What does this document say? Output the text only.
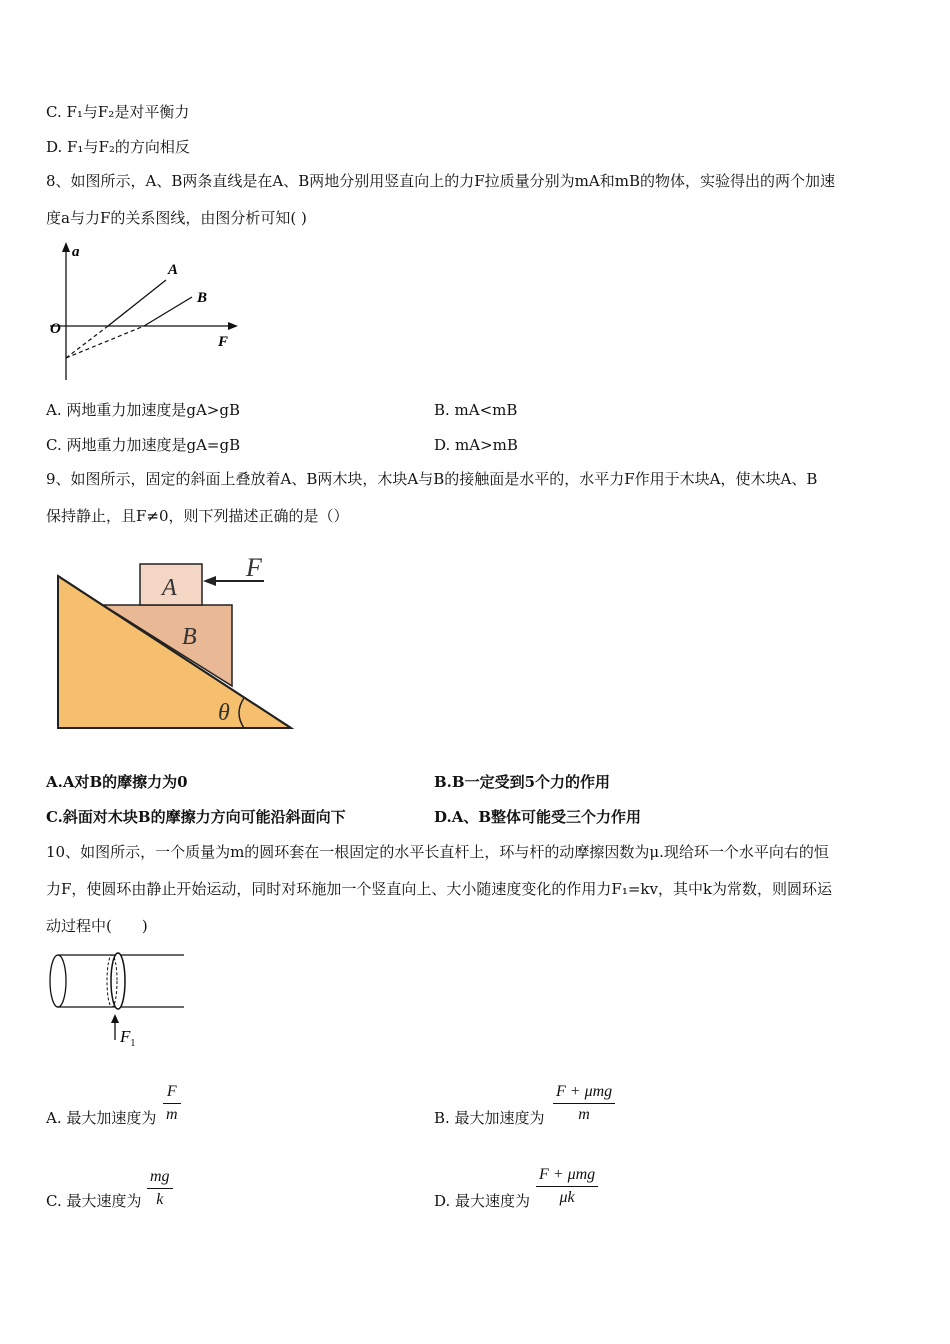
C. F₁与F₂是对平衡力
D. F₁与F₂的方向相反
8、如图所示，A、B两条直线是在A、B两地分别用竖直向上的力F拉质量分别为mA和mB的物体，实验得出的两个加速
度a与力F的关系图线，由图分析可知( )
a
F
O
A
B
A. 两地重力加速度是gA>gB	B. mA<mB
C. 两地重力加速度是gA=gB	D. mA>mB
9、如图所示，固定的斜面上叠放着A、B两木块，木块A与B的接触面是水平的，水平力F作用于木块A，使木块A、B
保持静止，且F≠0，则下列描述正确的是（）
A
B
F
θ
A.A对B的摩擦力为0	B.B一定受到5个力的作用
C.斜面对木块B的摩擦力方向可能沿斜面向下	D.A、B整体可能受三个力作用
10、如图所示，一个质量为m的圆环套在一根固定的水平长直杆上，环与杆的动摩擦因数为μ.现给环一个水平向右的恒
力F，使圆环由静止开始运动，同时对环施加一个竖直向上、大小随速度变化的作用力F₁=kv，其中k为常数，则圆环运
动过程中(　　)
$F_1$
A. 最大加速度为
F
m	B. 最大加速度为
F + μmg
m
C. 最大速度为
mg
k	D. 最大速度为
F + μmg
μk
